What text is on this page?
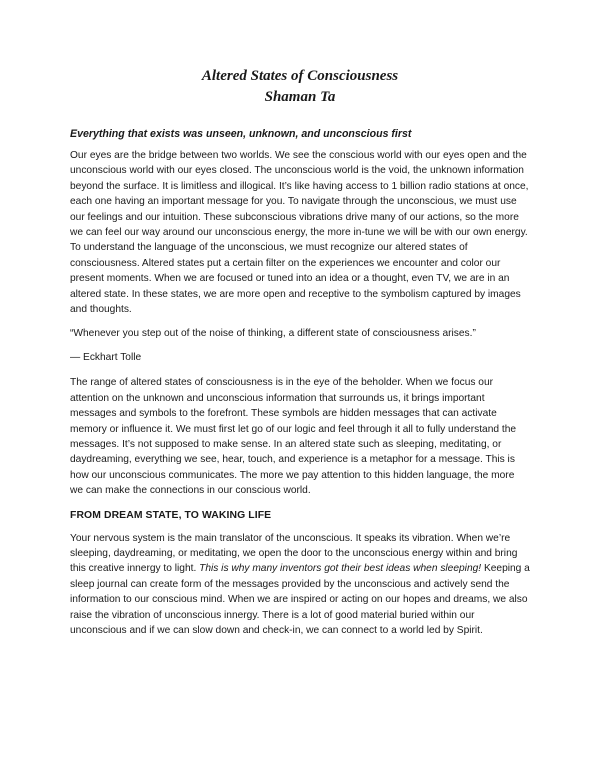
Altered States of Consciousness
Shaman Ta
Everything that exists was unseen, unknown, and unconscious first

Our eyes are the bridge between two worlds. We see the conscious world with our eyes open and the unconscious world with our eyes closed. The unconscious world is the void, the unknown information beyond the surface. It is limitless and illogical. It’s like having access to 1 billion radio stations at once, each one having an important message for you. To navigate through the unconscious, we must use our feelings and our intuition. These subconscious vibrations drive many of our actions, so the more we can feel our way around our unconscious energy, the more in-tune we will be with our own energy. To understand the language of the unconscious, we must recognize our altered states of consciousness. Altered states put a certain filter on the experiences we encounter and color our present moments. When we are focused or tuned into an idea or a thought, even TV, we are in an altered state. In these states, we are more open and receptive to the symbolism captured by images and thoughts.

“Whenever you step out of the noise of thinking, a different state of consciousness arises.”

— Eckhart Tolle

The range of altered states of consciousness is in the eye of the beholder. When we focus our attention on the unknown and unconscious information that surrounds us, it brings important messages and symbols to the forefront. These symbols are hidden messages that can activate memory or influence it. We must first let go of our logic and feel through it all to fully understand the messages. It’s not supposed to make sense. In an altered state such as sleeping, meditating, or daydreaming, everything we see, hear, touch, and experience is a metaphor for a message. This is how our unconscious communicates. The more we pay attention to this hidden language, the more we can make the connections in our conscious world.

FROM DREAM STATE, TO WAKING LIFE

Your nervous system is the main translator of the unconscious. It speaks its vibration. When we’re sleeping, daydreaming, or meditating, we open the door to the unconscious energy within and bring this creative innergy to light. This is why many inventors got their best ideas when sleeping! Keeping a sleep journal can create form of the messages provided by the unconscious and actively send the information to our conscious mind. When we are inspired or acting on our hopes and dreams, we also raise the vibration of unconscious innergy. There is a lot of good material buried within our unconscious and if we can slow down and check-in, we can connect to a world led by Spirit.
